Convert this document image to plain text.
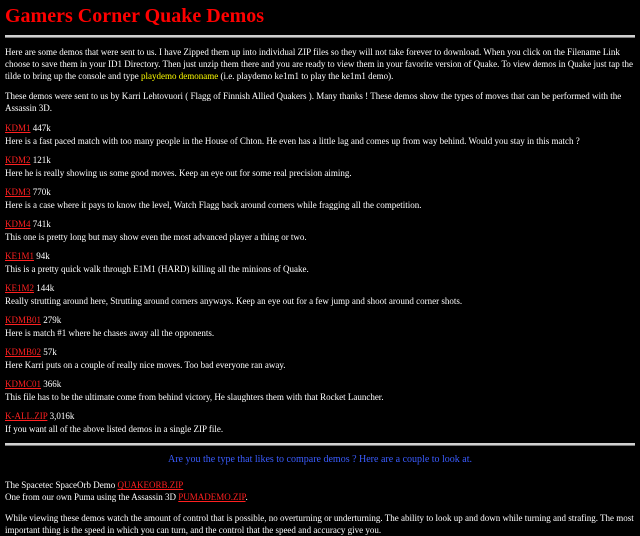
Gamers Corner Quake Demos

Here are some demos that were sent to us. I have Zipped them up into individual ZIP files so they will not take forever to download. When you click on the Filename Link choose to save them in your ID1 Directory. Then just unzip them there and you are ready to view them in your favorite version of Quake. To view demos in Quake just tap the tilde to bring up the console and type playdemo demoname (i.e. playdemo ke1m1 to play the ke1m1 demo).

These demos were sent to us by Karri Lehtovuori ( Flagg of Finnish Allied Quakers ). Many thanks ! These demos show the types of moves that can be performed with the Assassin 3D.

KDM1 447k
Here is a fast paced match with too many people in the House of Chton. He even has a little lag and comes up from way behind. Would you stay in this match ?
KDM2 121k
Here he is really showing us some good moves. Keep an eye out for some real precision aiming.
KDM3 770k
Here is a case where it pays to know the level, Watch Flagg back around corners while fragging all the competition.
KDM4 741k
This one is pretty long but may show even the most advanced player a thing or two.
KE1M1 94k
This is a pretty quick walk through E1M1 (HARD) killing all the minions of Quake.
KE1M2 144k
Really strutting around here, Strutting around corners anyways. Keep an eye out for a few jump and shoot around corner shots.
KDMB01 279k
Here is match #1 where he chases away all the opponents.
KDMB02 57k
Here Karri puts on a couple of really nice moves. Too bad everyone ran away.
KDMC01 366k
This file has to be the ultimate come from behind victory, He slaughters them with that Rocket Launcher.
K-ALL.ZIP 3,016k
If you want all of the above listed demos in a single ZIP file.
Are you the type that likes to compare demos ? Here are a couple to look at.

The Spacetec SpaceOrb Demo QUAKEORB.ZIP
One from our own Puma using the Assassin 3D PUMADEMO.ZIP.

While viewing these demos watch the amount of control that is possible, no overturning or underturning. The ability to look up and down while turning and strafing. The most important thing is the speed in which you can turn, and the control that the speed and accuracy give you.
